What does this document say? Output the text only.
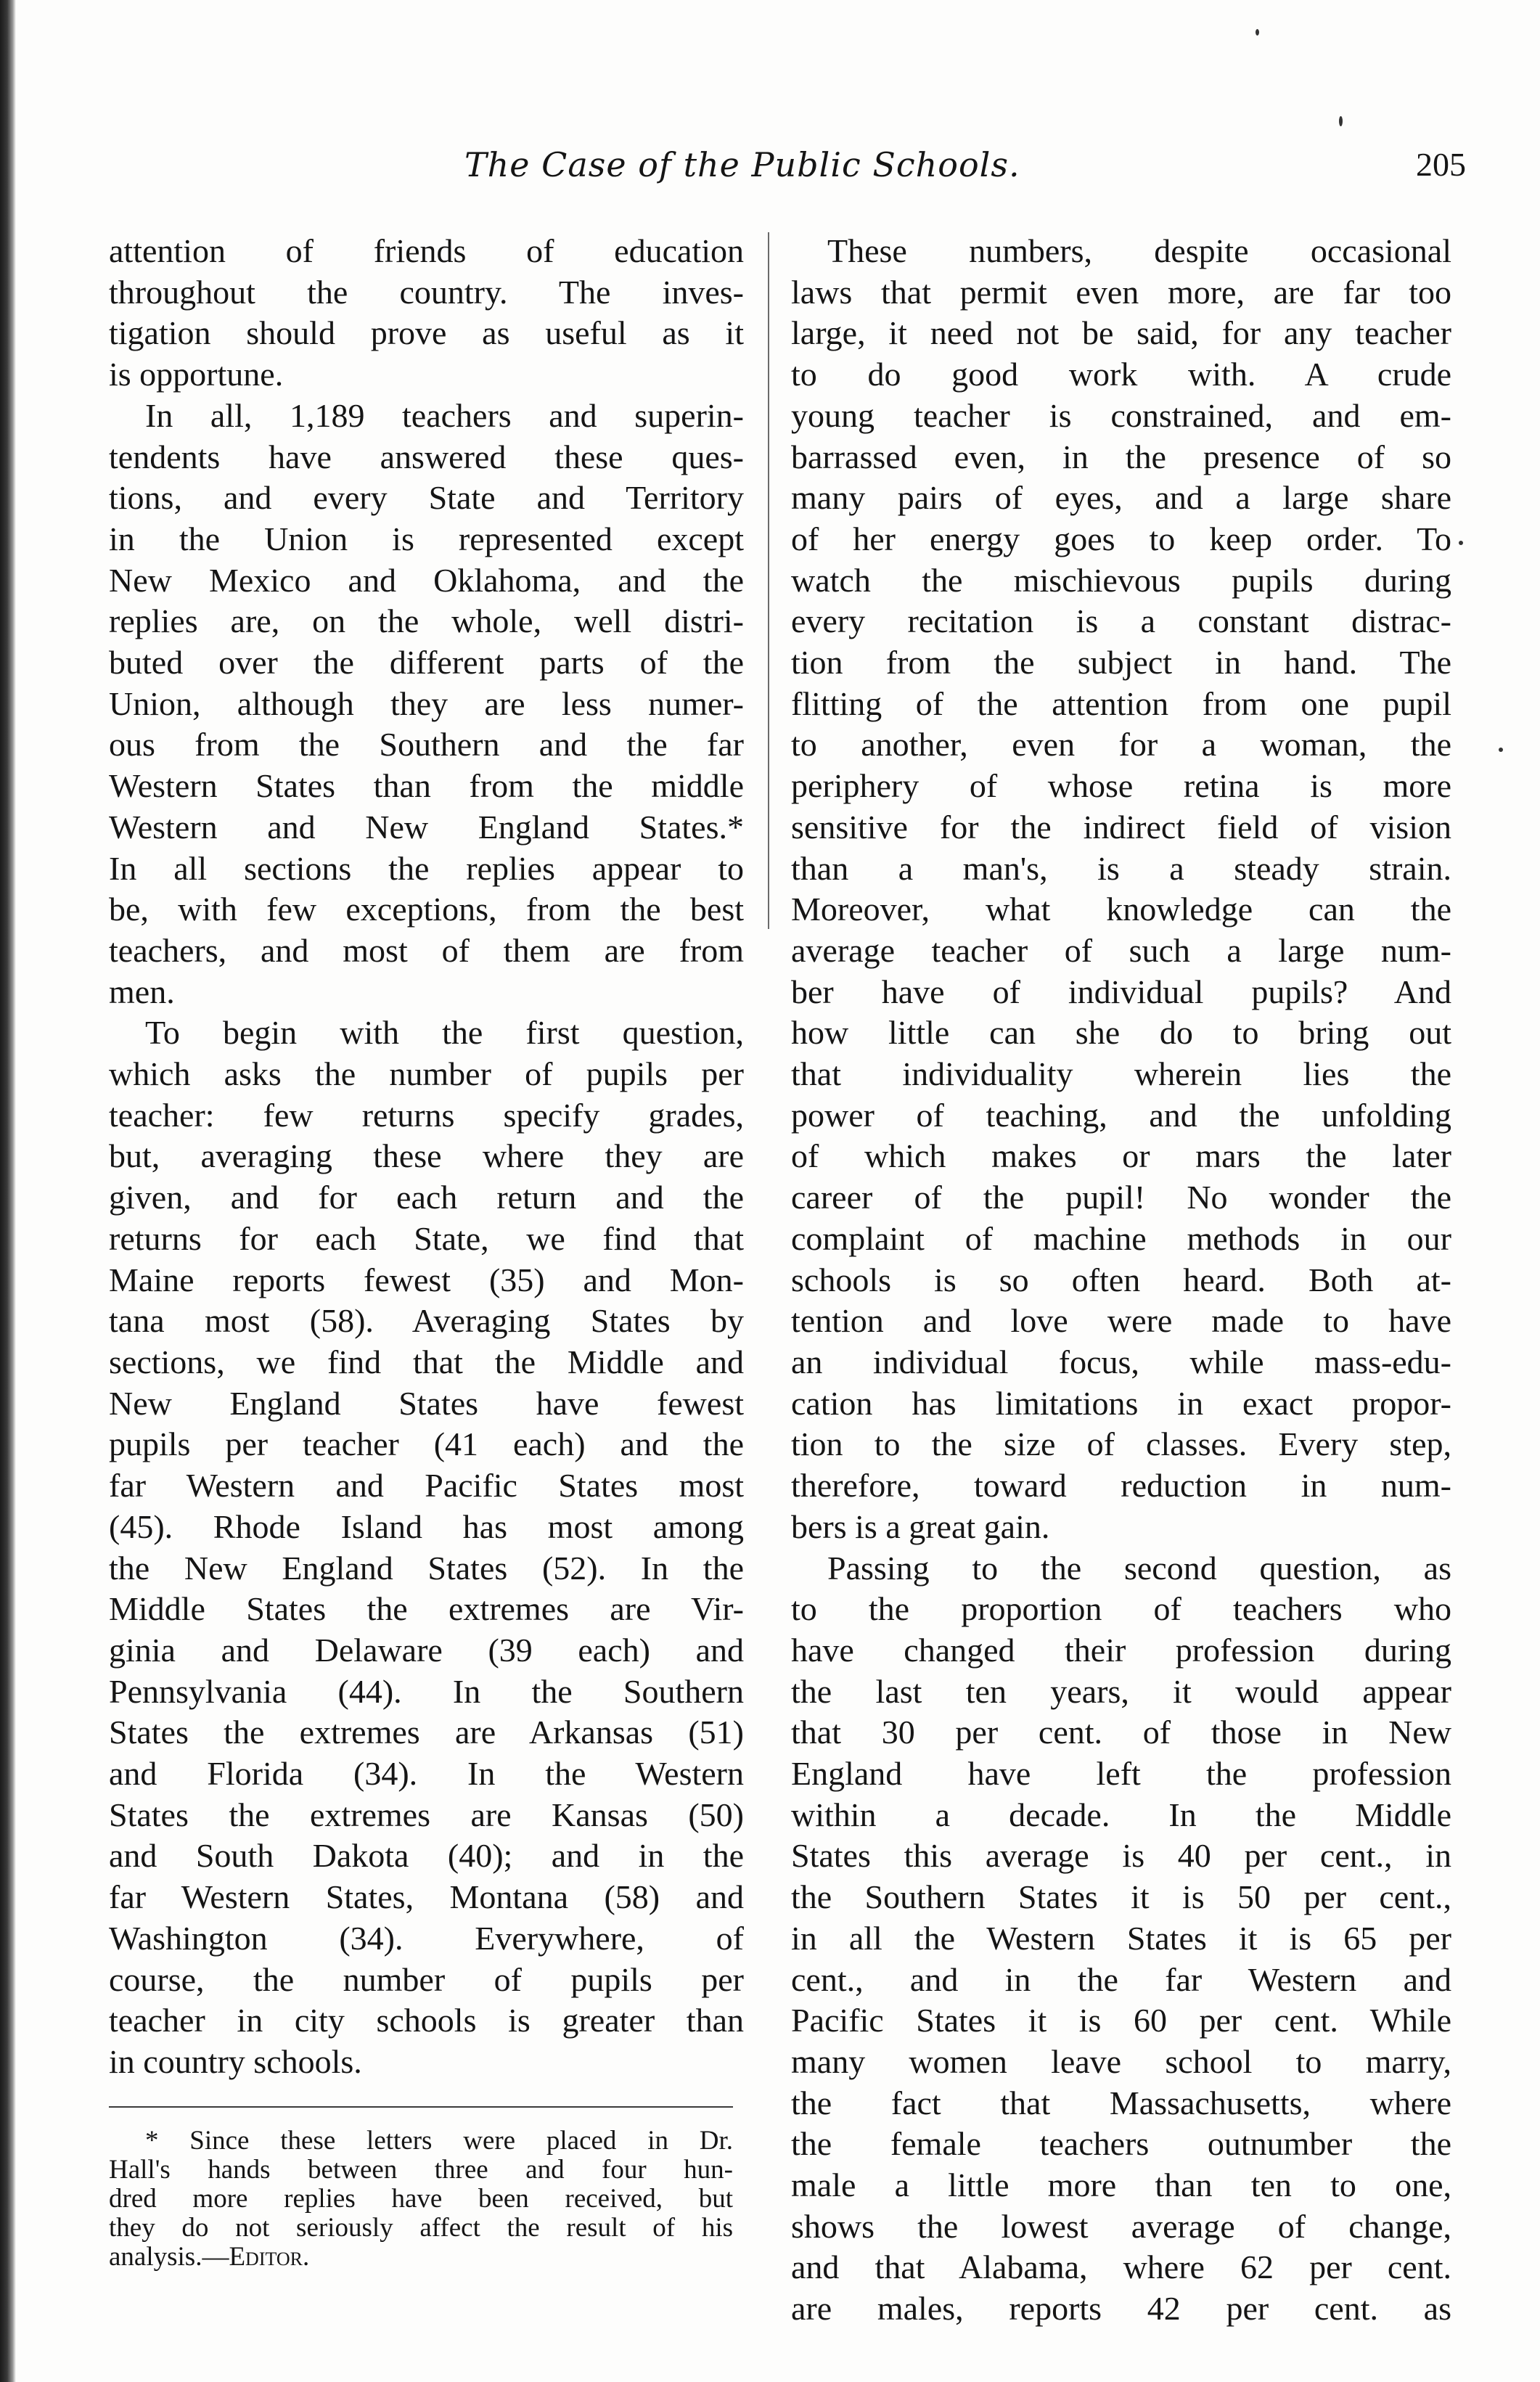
The Case of the Public Schools.	205
attention of friends of education
throughout the country. The inves-
tigation should prove as useful as it
is opportune.
In all, 1,189 teachers and superin-
tendents have answered these ques-
tions, and every State and Territory
in the Union is represented except
New Mexico and Oklahoma, and the
replies are, on the whole, well distri-
buted over the different parts of the
Union, although they are less numer-
ous from the Southern and the far
Western States than from the middle
Western and New England States.*
In all sections the replies appear to
be, with few exceptions, from the best
teachers, and most of them are from
men.
To begin with the first question,
which asks the number of pupils per
teacher: few returns specify grades,
but, averaging these where they are
given, and for each return and the
returns for each State, we find that
Maine reports fewest (35) and Mon-
tana most (58). Averaging States by
sections, we find that the Middle and
New England States have fewest
pupils per teacher (41 each) and the
far Western and Pacific States most
(45). Rhode Island has most among
the New England States (52). In the
Middle States the extremes are Vir-
ginia and Delaware (39 each) and
Pennsylvania (44). In the Southern
States the extremes are Arkansas (51)
and Florida (34). In the Western
States the extremes are Kansas (50)
and South Dakota (40); and in the
far Western States, Montana (58) and
Washington (34). Everywhere, of
course, the number of pupils per
teacher in city schools is greater than
in country schools.
These numbers, despite occasional
laws that permit even more, are far too
large, it need not be said, for any teacher
to do good work with. A crude
young teacher is constrained, and em-
barrassed even, in the presence of so
many pairs of eyes, and a large share
of her energy goes to keep order. To
watch the mischievous pupils during
every recitation is a constant distrac-
tion from the subject in hand. The
flitting of the attention from one pupil
to another, even for a woman, the
periphery of whose retina is more
sensitive for the indirect field of vision
than a man's, is a steady strain.
Moreover, what knowledge can the
average teacher of such a large num-
ber have of individual pupils? And
how little can she do to bring out
that individuality wherein lies the
power of teaching, and the unfolding
of which makes or mars the later
career of the pupil! No wonder the
complaint of machine methods in our
schools is so often heard. Both at-
tention and love were made to have
an individual focus, while mass-edu-
cation has limitations in exact propor-
tion to the size of classes. Every step,
therefore, toward reduction in num-
bers is a great gain.
Passing to the second question, as
to the proportion of teachers who
have changed their profession during
the last ten years, it would appear
that 30 per cent. of those in New
England have left the profession
within a decade. In the Middle
States this average is 40 per cent., in
the Southern States it is 50 per cent.,
in all the Western States it is 65 per
cent., and in the far Western and
Pacific States it is 60 per cent. While
many women leave school to marry,
the fact that Massachusetts, where
the female teachers outnumber the
male a little more than ten to one,
shows the lowest average of change,
and that Alabama, where 62 per cent.
are males, reports 42 per cent. as
* Since these letters were placed in Dr.
Hall's hands between three and four hun-
dred more replies have been received, but
they do not seriously affect the result of his
analysis.—Editor.
